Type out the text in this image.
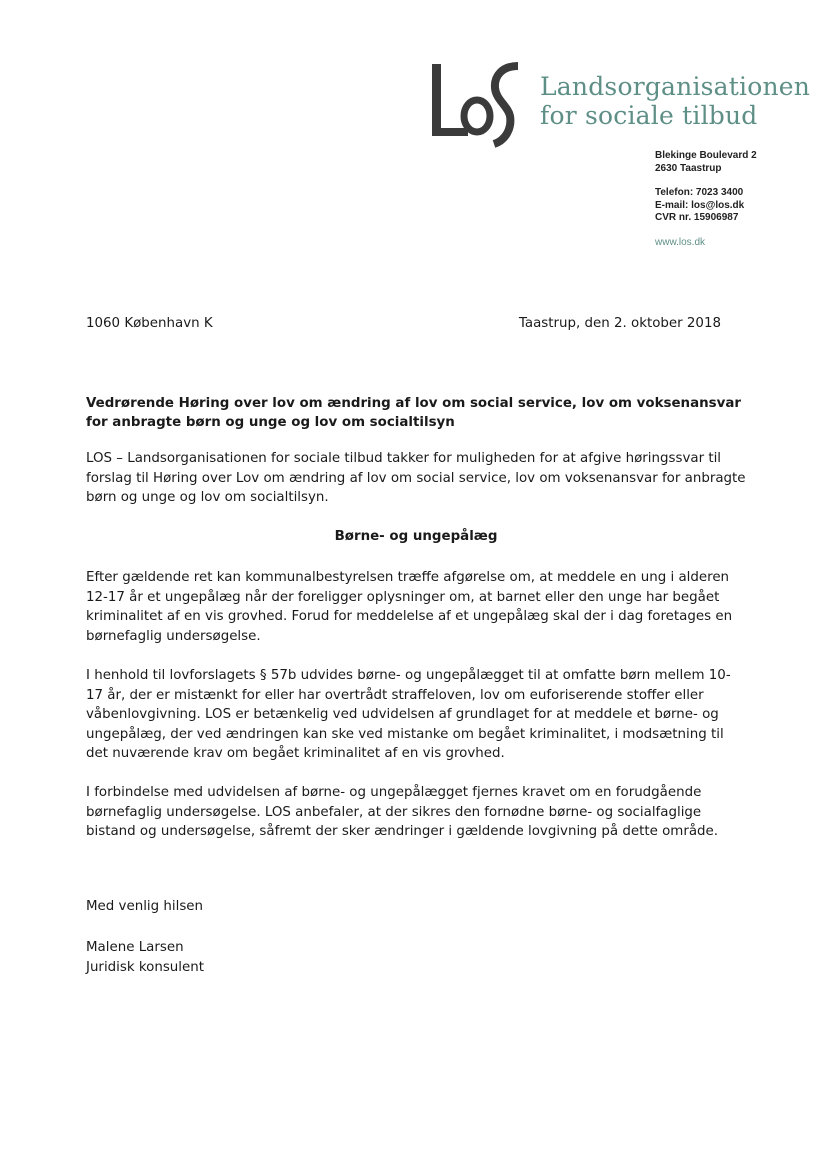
Landsorganisationen
for sociale tilbud
Blekinge Boulevard 2
2630 Taastrup
Telefon: 7023 3400
E-mail: los@los.dk
CVR nr. 15906987
www.los.dk
1060 København K	Taastrup, den 2. oktober 2018
Vedrørende Høring over lov om ændring af lov om social service, lov om voksenansvar for anbragte børn og unge og lov om socialtilsyn
LOS – Landsorganisationen for sociale tilbud takker for muligheden for at afgive høringssvar til forslag til Høring over Lov om ændring af lov om social service, lov om voksenansvar for anbragte børn og unge og lov om socialtilsyn.
Børne- og ungepålæg
Efter gældende ret kan kommunalbestyrelsen træffe afgørelse om, at meddele en ung i alderen 12-17 år et ungepålæg når der foreligger oplysninger om, at barnet eller den unge har begået kriminalitet af en vis grovhed. Forud for meddelelse af et ungepålæg skal der i dag foretages en børnefaglig undersøgelse.
I henhold til lovforslagets § 57b udvides børne- og ungepålægget til at omfatte børn mellem 10-17 år, der er mistænkt for eller har overtrådt straffeloven, lov om euforiserende stoffer eller våbenlovgivning. LOS er betænkelig ved udvidelsen af grundlaget for at meddele et børne- og ungepålæg, der ved ændringen kan ske ved mistanke om begået kriminalitet, i modsætning til det nuværende krav om begået kriminalitet af en vis grovhed.
I forbindelse med udvidelsen af børne- og ungepålægget fjernes kravet om en forudgående børnefaglig undersøgelse. LOS anbefaler, at der sikres den fornødne børne- og socialfaglige bistand og undersøgelse, såfremt der sker ændringer i gældende lovgivning på dette område.
Med venlig hilsen
Malene Larsen
Juridisk konsulent
